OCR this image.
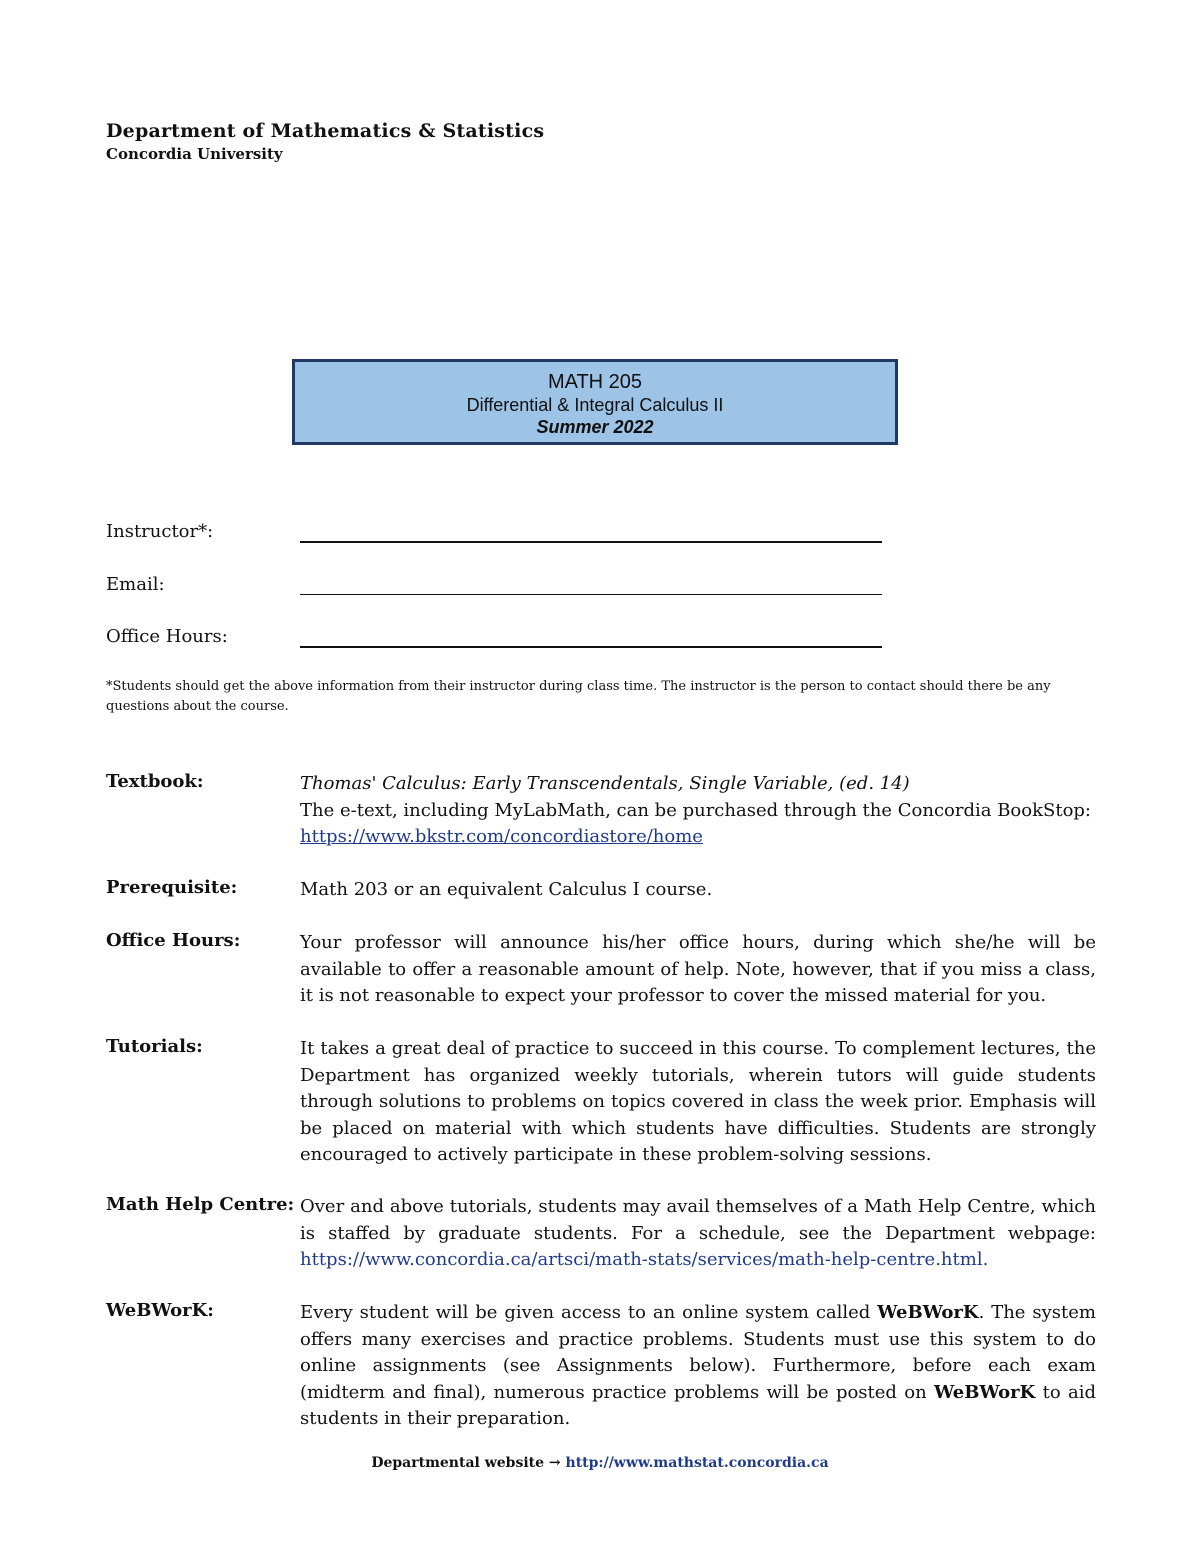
Department of Mathematics & Statistics
Concordia University
MATH 205
Differential & Integral Calculus II
Summer 2022
Instructor*:
Email:
Office Hours:
*Students should get the above information from their instructor during class time. The instructor is the person to contact should there be any questions about the course.
Textbook:	Thomas' Calculus: Early Transcendentals, Single Variable, (ed. 14)
The e-text, including MyLabMath, can be purchased through the Concordia BookStop:
https://www.bkstr.com/concordiastore/home
Prerequisite:	Math 203 or an equivalent Calculus I course.
Office Hours:	Your professor will announce his/her office hours, during which she/he will be available to offer a reasonable amount of help. Note, however, that if you miss a class, it is not reasonable to expect your professor to cover the missed material for you.
Tutorials:	It takes a great deal of practice to succeed in this course. To complement lectures, the Department has organized weekly tutorials, wherein tutors will guide students through solutions to problems on topics covered in class the week prior. Emphasis will be placed on material with which students have difficulties. Students are strongly encouraged to actively participate in these problem-solving sessions.
Math Help Centre: Over and above tutorials, students may avail themselves of a Math Help Centre, which is staffed by graduate students. For a schedule, see the Department webpage: https://www.concordia.ca/artsci/math-stats/services/math-help-centre.html.
WeBWorK:	Every student will be given access to an online system called WeBWorK. The system offers many exercises and practice problems. Students must use this system to do online assignments (see Assignments below). Furthermore, before each exam (midterm and final), numerous practice problems will be posted on WeBWorK to aid students in their preparation.
Departmental website → http://www.mathstat.concordia.ca
